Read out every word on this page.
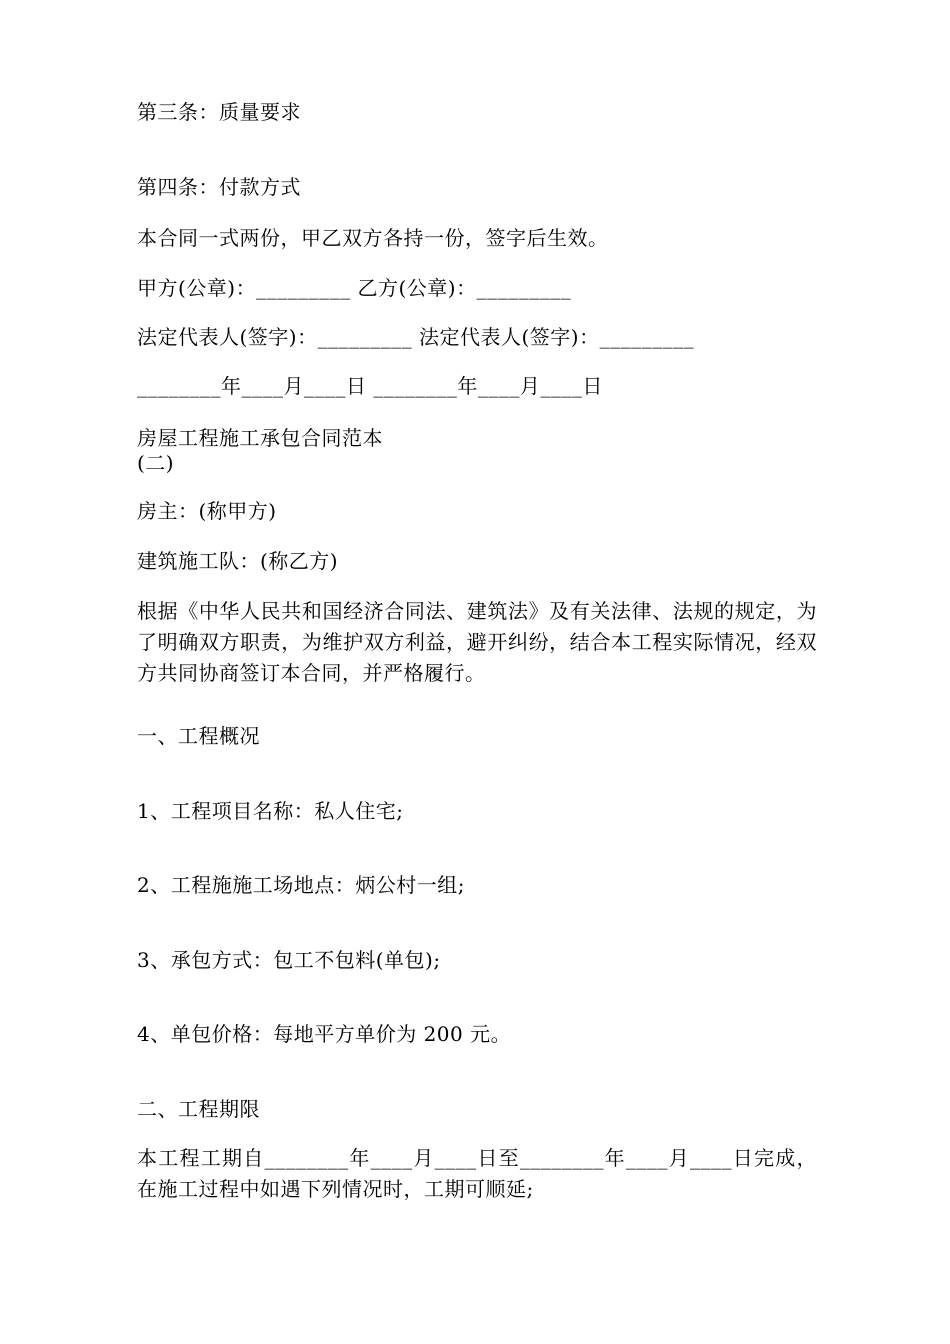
第三条：质量要求
第四条：付款方式
本合同一式两份，甲乙双方各持一份，签字后生效。
甲方(公章)：_________ 乙方(公章)：_________
法定代表人(签字)：_________ 法定代表人(签字)：_________
________年____月____日 ________年____月____日
房屋工程施工承包合同范本
(二)
房主：(称甲方)
建筑施工队：(称乙方)
根据《中华人民共和国经济合同法、建筑法》及有关法律、法规的规定，为了明确双方职责，为维护双方利益，避开纠纷，结合本工程实际情况，经双方共同协商签订本合同，并严格履行。
一、工程概况
1、工程项目名称：私人住宅;
2、工程施施工场地点：炳公村一组;
3、承包方式：包工不包料(单包);
4、单包价格：每地平方单价为 200 元。
二、工程期限
本工程工期自________年____月____日至________年____月____日完成，在施工过程中如遇下列情况时，工期可顺延;
